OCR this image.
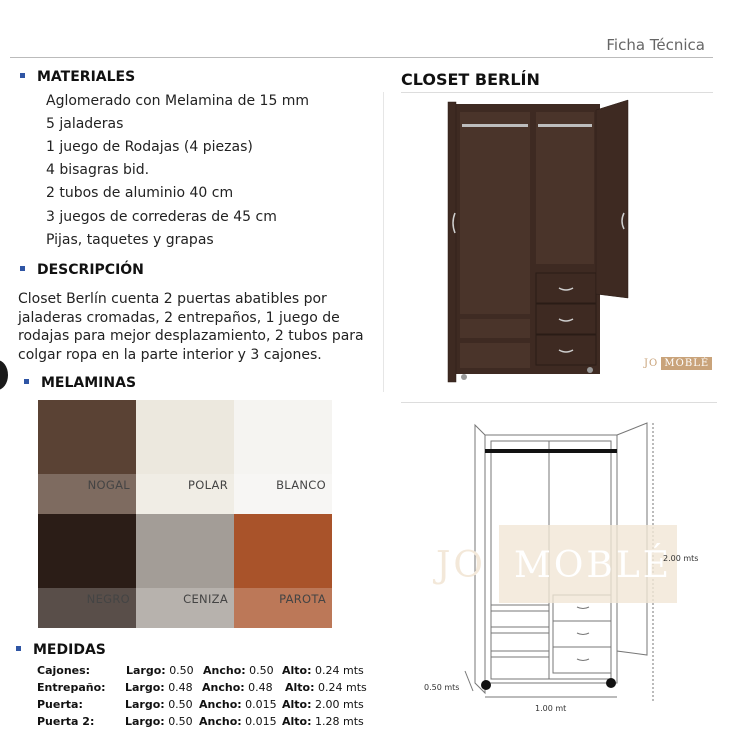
Ficha Técnica
MATERIALES
Aglomerado con Melamina de 15 mm
5 jaladeras
1 juego de Rodajas (4 piezas)
4 bisagras bid.
2 tubos de aluminio 40 cm
3 juegos de correderas de 45 cm
Pijas, taquetes y grapas
DESCRIPCIÓN
Closet Berlín cuenta 2 puertas abatibles por jaladeras cromadas, 2 entrepaños, 1 juego de rodajas para mejor desplazamiento, 2 tubos para colgar ropa en la parte interior y 3 cajones.
MELAMINAS
NOGAL	POLAR	BLANCO
NEGRO	CENIZA	PAROTA
MEDIDAS
Cajones:	Largo: 0.50 Ancho: 0.50 Alto: 0.24 mts
Entrepaño: Largo: 0.48 Ancho: 0.48 Alto: 0.24 mts
Puerta:	Largo: 0.50 Ancho: 0.015 Alto: 2.00 mts
Puerta 2:	Largo: 0.50 Ancho: 0.015 Alto: 1.28 mts
CLOSET BERLÍN
JO MOBLÉ
JO MOBLÉ
2.00 mts
0.50 mts
1.00 mt
